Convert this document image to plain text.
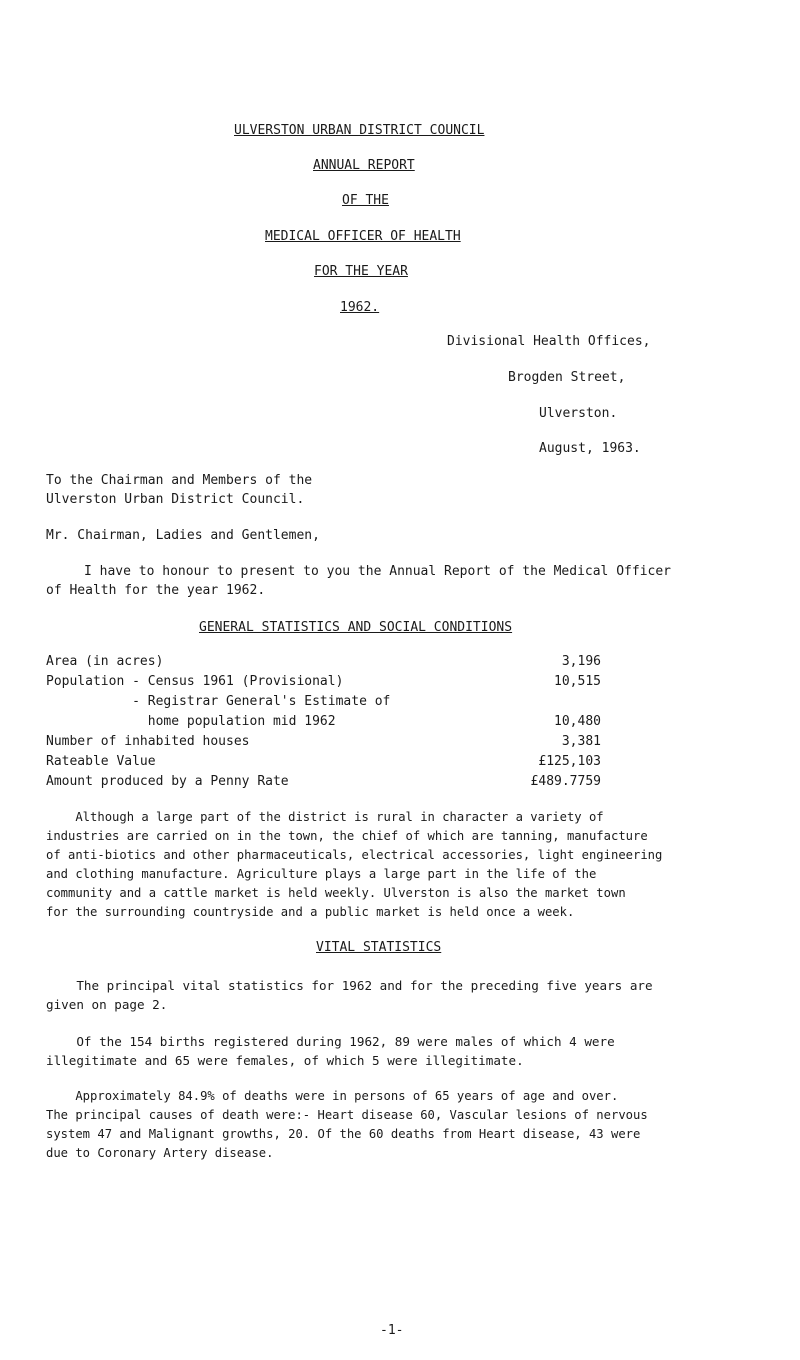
ULVERSTON URBAN DISTRICT COUNCIL
ANNUAL REPORT
OF THE
MEDICAL OFFICER OF HEALTH
FOR THE YEAR
1962.
Divisional Health Offices,
Brogden Street,
Ulverston.
August, 1963.
To the Chairman and Members of the
Ulverston Urban District Council.
Mr. Chairman, Ladies and Gentlemen,
I have to honour to present to you the Annual Report of the Medical Officer
of Health for the year 1962.
GENERAL STATISTICS AND SOCIAL CONDITIONS
Area (in acres)	3,196
Population - Census 1961 (Provisional)	10,515
- Registrar General's Estimate of
home population mid 1962	10,480
Number of inhabited houses	3,381
Rateable Value	£125,103
Amount produced by a Penny Rate	£489.7759
Although a large part of the district is rural in character a variety of
industries are carried on in the town, the chief of which are tanning, manufacture
of anti-biotics and other pharmaceuticals, electrical accessories, light engineering
and clothing manufacture. Agriculture plays a large part in the life of the
community and a cattle market is held weekly. Ulverston is also the market town
for the surrounding countryside and a public market is held once a week.
VITAL STATISTICS
The principal vital statistics for 1962 and for the preceding five years are
given on page 2.
Of the 154 births registered during 1962, 89 were males of which 4 were
illegitimate and 65 were females, of which 5 were illegitimate.
Approximately 84.9% of deaths were in persons of 65 years of age and over.
The principal causes of death were:- Heart disease 60, Vascular lesions of nervous
system 47 and Malignant growths, 20. Of the 60 deaths from Heart disease, 43 were
due to Coronary Artery disease.
-1-
